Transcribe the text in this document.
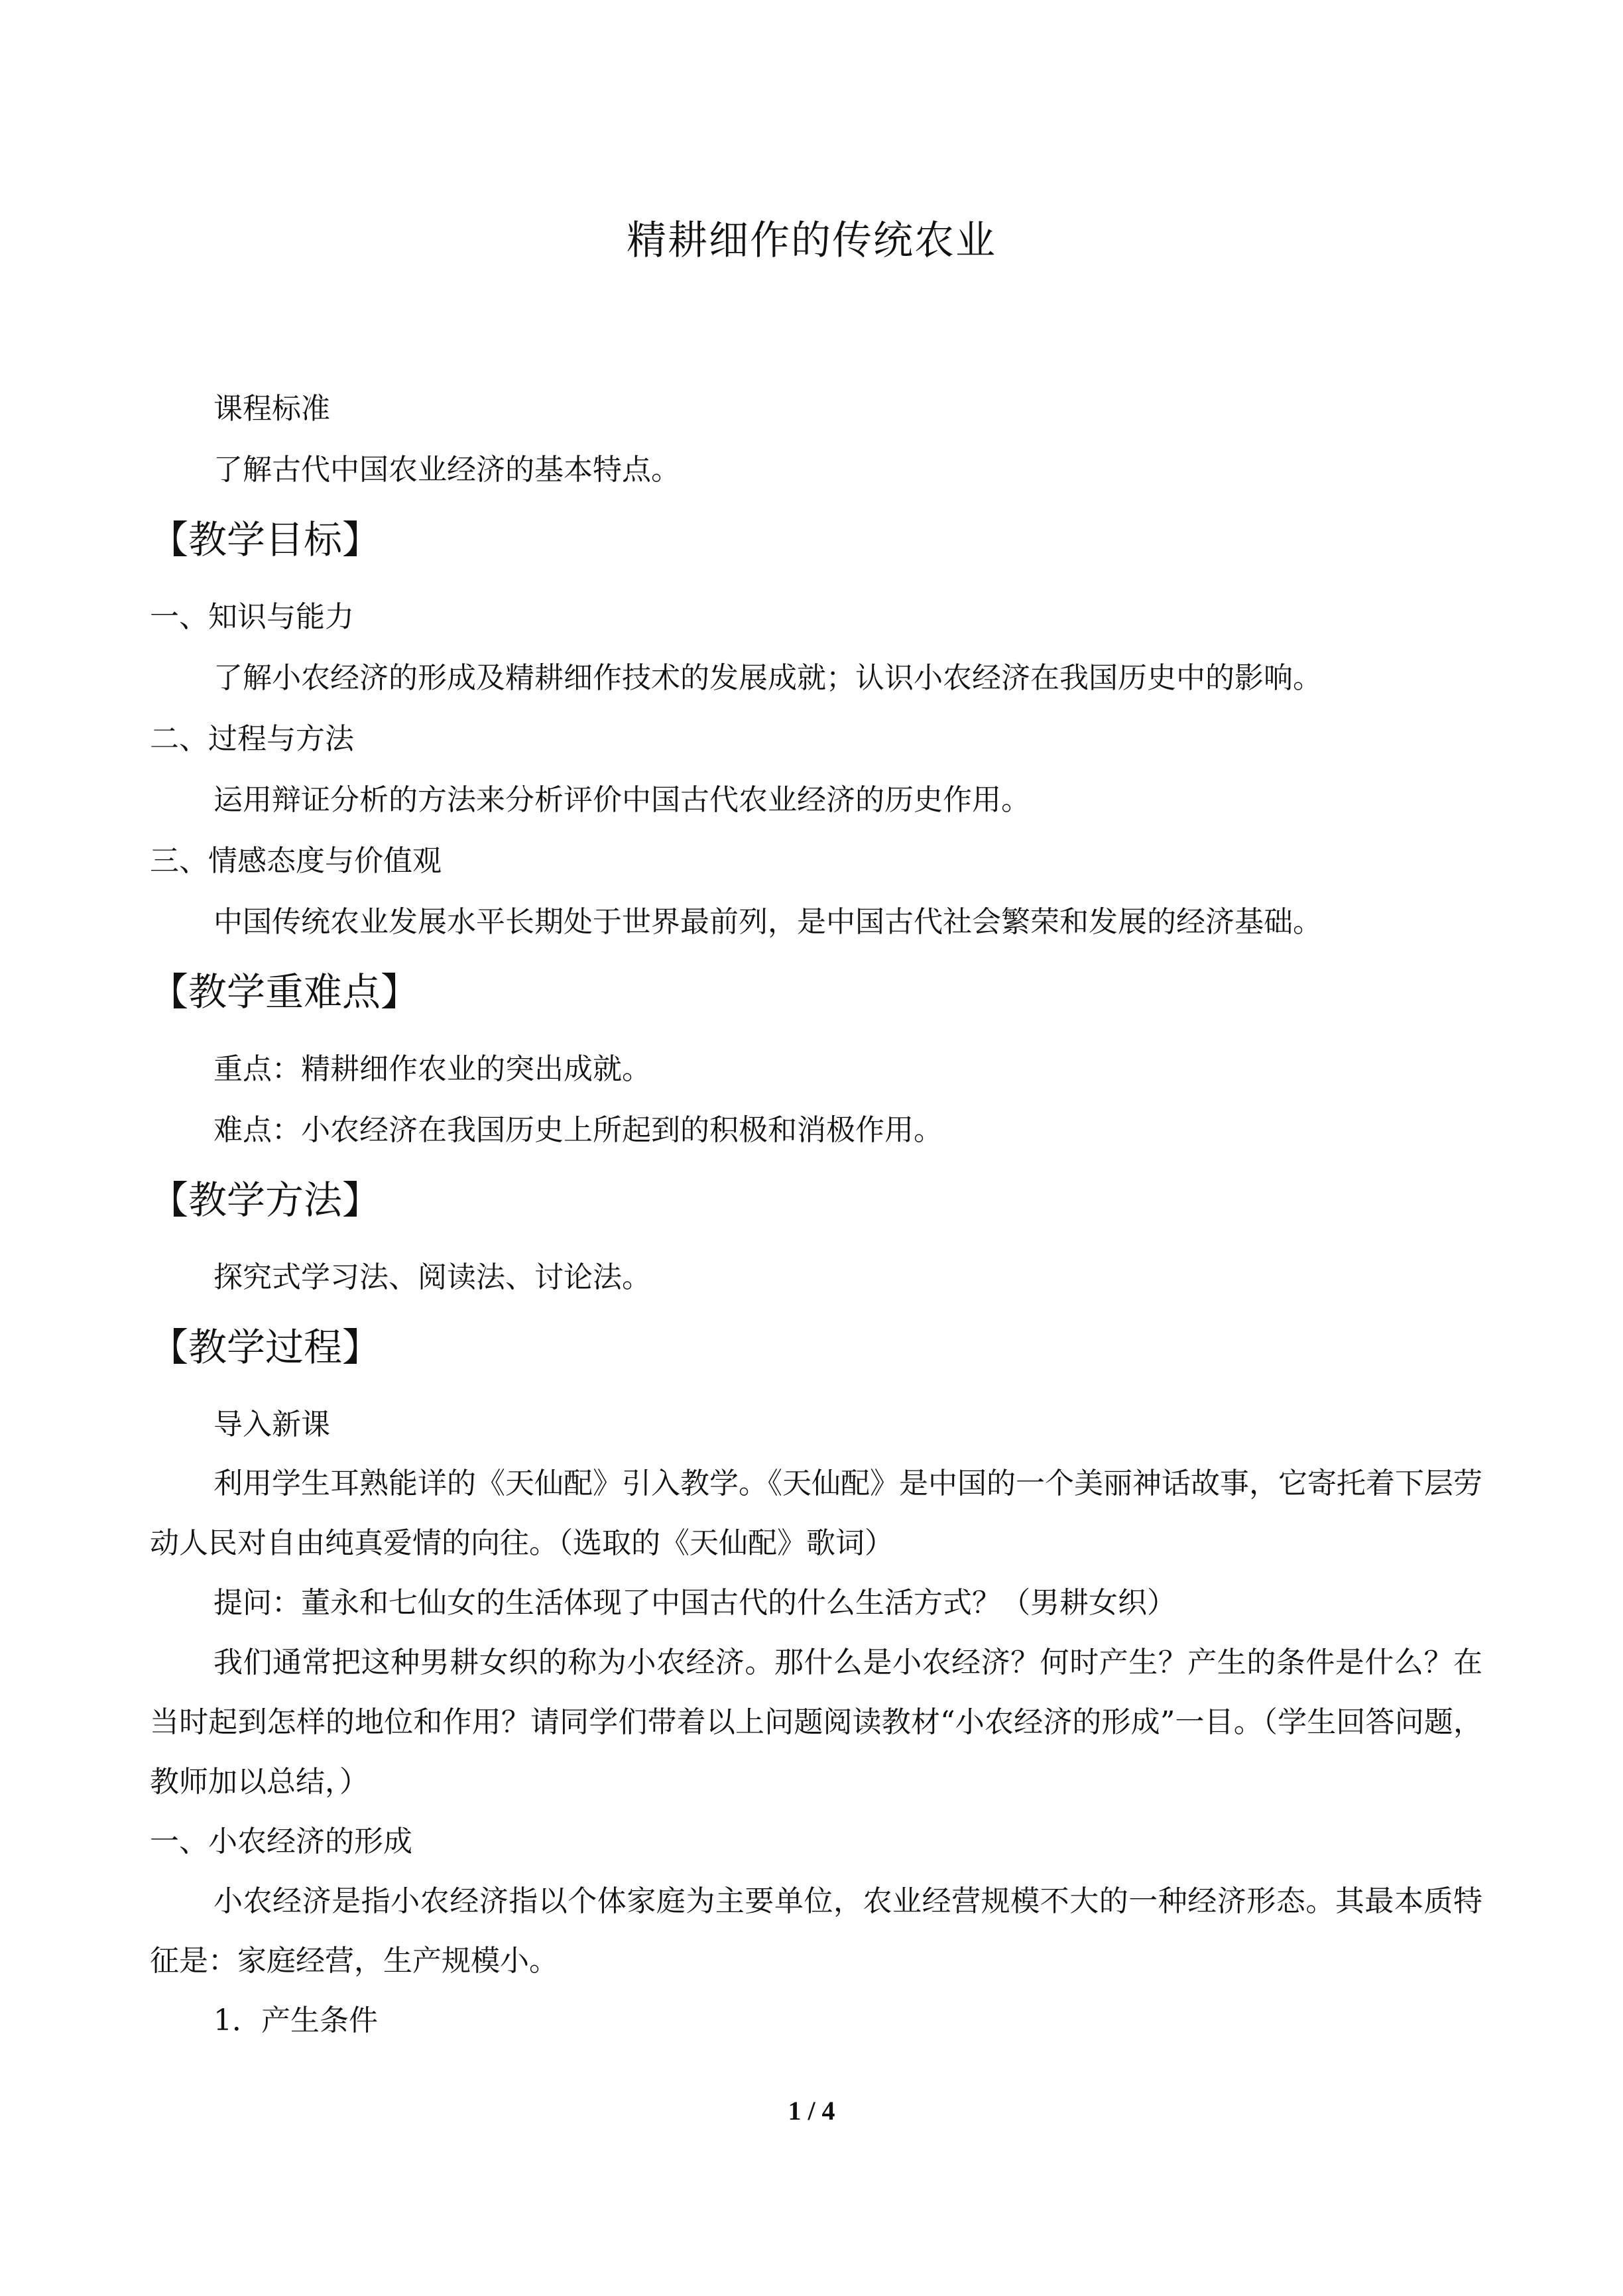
精耕细作的传统农业
课程标准
了解古代中国农业经济的基本特点。
【教学目标】
一、知识与能力
了解小农经济的形成及精耕细作技术的发展成就；认识小农经济在我国历史中的影响。
二、过程与方法
运用辩证分析的方法来分析评价中国古代农业经济的历史作用。
三、情感态度与价值观
中国传统农业发展水平长期处于世界最前列，是中国古代社会繁荣和发展的经济基础。
【教学重难点】
重点：精耕细作农业的突出成就。
难点：小农经济在我国历史上所起到的积极和消极作用。
【教学方法】
探究式学习法、阅读法、讨论法。
【教学过程】
导入新课

利用学生耳熟能详的《天仙配》引入教学。《天仙配》是中国的一个美丽神话故事，它寄托着下层劳动人民对自由纯真爱情的向往。（选取的《天仙配》歌词）

提问：董永和七仙女的生活体现了中国古代的什么生活方式？（男耕女织）

我们通常把这种男耕女织的称为小农经济。那什么是小农经济？何时产生？产生的条件是什么？在当时起到怎样的地位和作用？请同学们带着以上问题阅读教材“小农经济的形成”一目。（学生回答问题，教师加以总结，）

一、小农经济的形成

小农经济是指小农经济指以个体家庭为主要单位，农业经营规模不大的一种经济形态。其最本质特征是：家庭经营，生产规模小。

1．产生条件
1 / 4
